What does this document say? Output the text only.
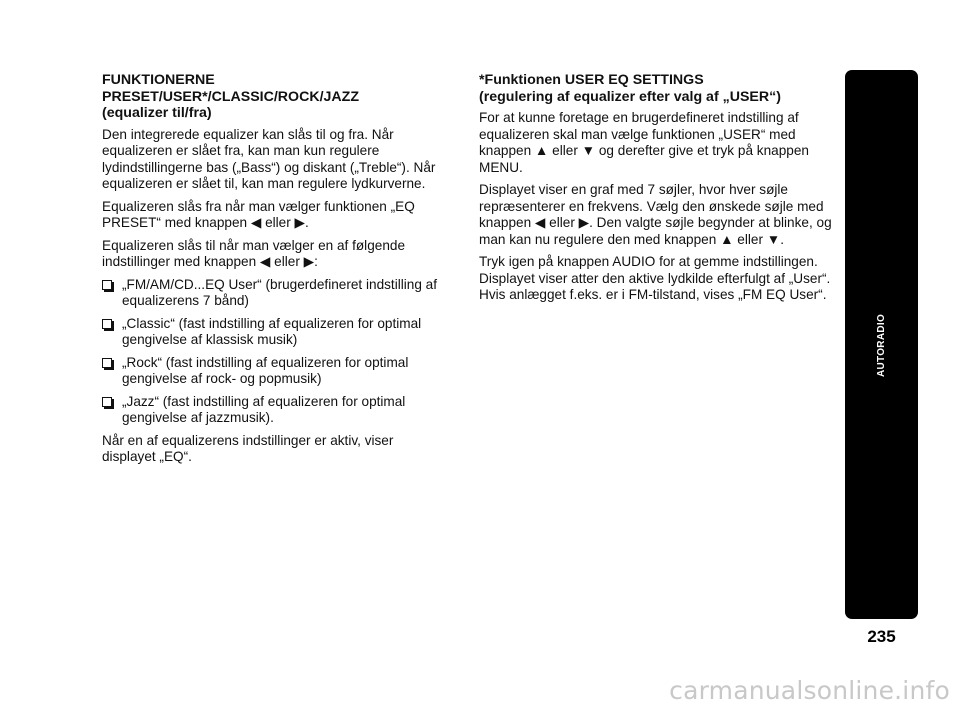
FUNKTIONERNE
PRESET/USER*/CLASSIC/ROCK/JAZZ
(equalizer til/fra)

Den integrerede equalizer kan slås til og fra. Når equalizeren er slået fra, kan man kun regulere lydindstillingerne bas („Bass“) og diskant („Treble“). Når equalizeren er slået til, kan man regulere lydkurverne.

Equalizeren slås fra når man vælger funktionen „EQ PRESET“ med knappen ◀ eller ▶.

Equalizeren slås til når man vælger en af følgende indstillinger med knappen ◀ eller ▶:

„FM/AM/CD...EQ User“ (brugerdefineret indstilling af equalizerens 7 bånd)
„Classic“ (fast indstilling af equalizeren for optimal gengivelse af klassisk musik)
„Rock“ (fast indstilling af equalizeren for optimal gengivelse af rock- og popmusik)
„Jazz“ (fast indstilling af equalizeren for optimal gengivelse af jazzmusik).

Når en af equalizerens indstillinger er aktiv, viser displayet „EQ“.

*Funktionen USER EQ SETTINGS
(regulering af equalizer efter valg af „USER“)

For at kunne foretage en brugerdefineret indstilling af equalizeren skal man vælge funktionen „USER“ med knappen ▲ eller ▼ og derefter give et tryk på knappen MENU.

Displayet viser en graf med 7 søjler, hvor hver søjle repræsenterer en frekvens. Vælg den ønskede søjle med knappen ◀ eller ▶. Den valgte søjle begynder at blinke, og man kan nu regulere den med knappen ▲ eller ▼.

Tryk igen på knappen AUDIO for at gemme indstillingen. Displayet viser atter den aktive lydkilde efterfulgt af „User“. Hvis anlægget f.eks. er i FM-tilstand, vises „FM EQ User“.

AUTORADIO
235
carmanualsonline.info
